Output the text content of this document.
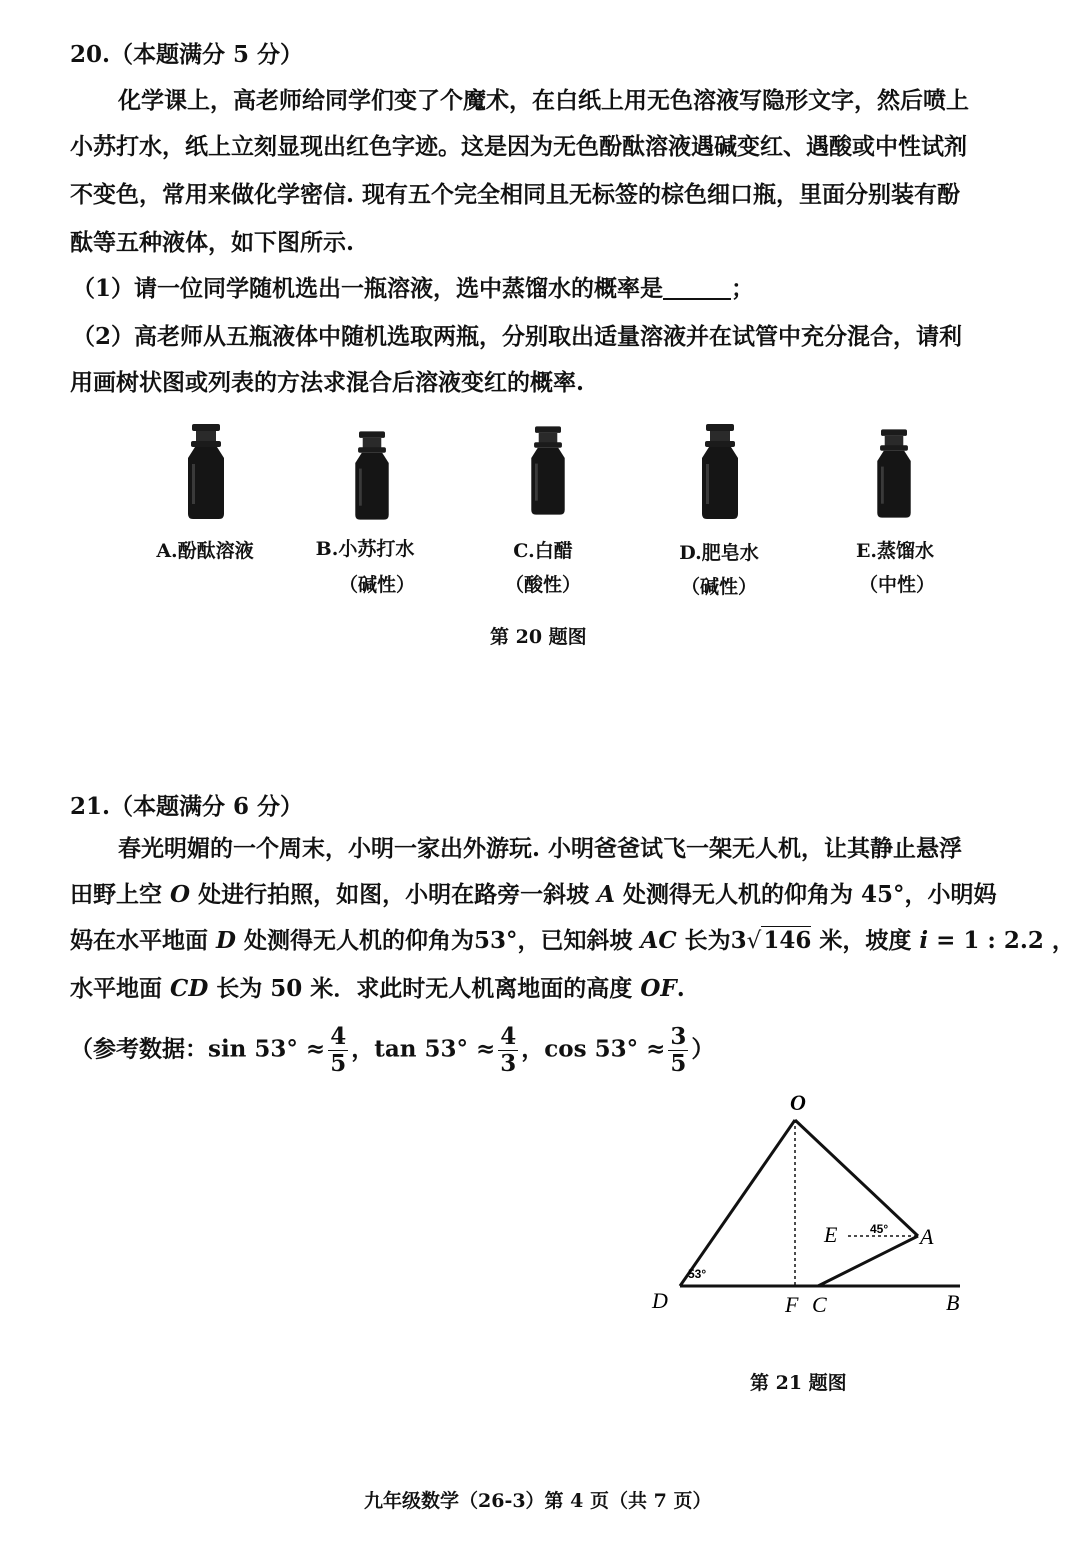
20.（本题满分 5 分）
化学课上，高老师给同学们变了个魔术，在白纸上用无色溶液写隐形文字，然后喷上
小苏打水，纸上立刻显现出红色字迹。这是因为无色酚酞溶液遇碱变红、遇酸或中性试剂
不变色，常用来做化学密信. 现有五个完全相同且无标签的棕色细口瓶，里面分别装有酚
酞等五种液体，如下图所示.
（1）请一位同学随机选出一瓶溶液，选中蒸馏水的概率是	；
（2）高老师从五瓶液体中随机选取两瓶，分别取出适量溶液并在试管中充分混合，请利
用画树状图或列表的方法求混合后溶液变红的概率.
A.酚酞溶液	B.小苏打水
（碱性）
C.白醋
（酸性）
D.肥皂水
（碱性）
E.蒸馏水
（中性）
第 20 题图
21.（本题满分 6 分）
春光明媚的一个周末，小明一家出外游玩. 小明爸爸试飞一架无人机，让其静止悬浮
田野上空 O 处进行拍照，如图，小明在路旁一斜坡 A 处测得无人机的仰角为 45°，小明妈
妈在水平地面 D 处测得无人机的仰角为53°，已知斜坡 AC 长为3√146 米，坡度 i = 1 : 2.2 ，
水平地面 CD 长为 50 米．求此时无人机离地面的高度 OF.
（参考数据：$\sin 53^\circ \approx \frac{4}{5}$ ，$\tan 53^\circ \approx \frac{4}{3}$ ，$\cos 53^\circ \approx \frac{3}{5}$ ）
O
E	A
D	F C	B
53°
45°
第 21 题图
九年级数学（26-3）第 4 页（共 7 页）
